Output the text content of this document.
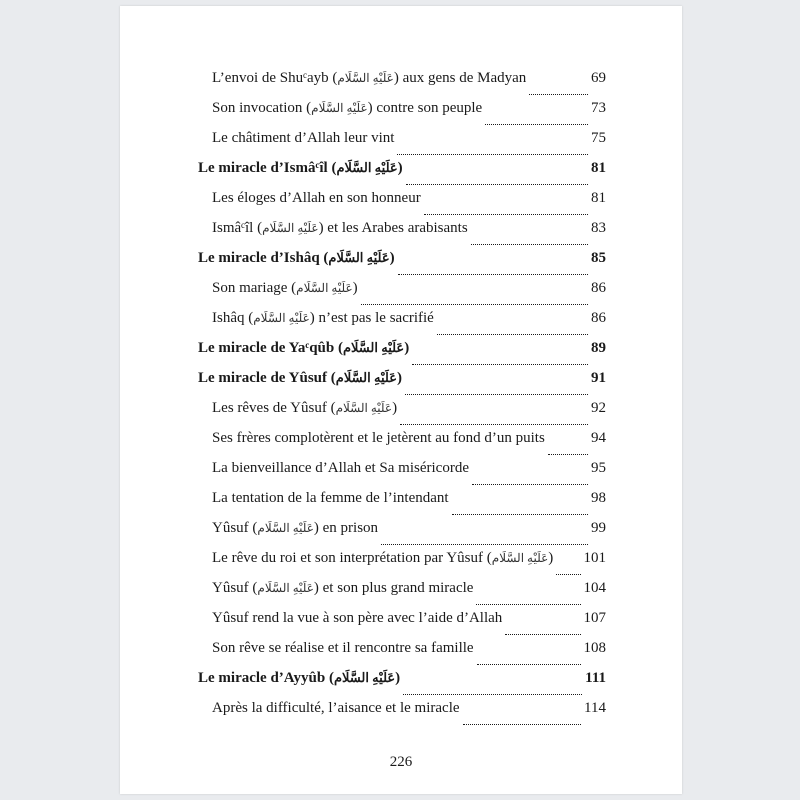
L’envoi de Shuᶜayb (عَلَيْهِ السَّلَام) aux gens de Madyan	69
Son invocation (عَلَيْهِ السَّلَام) contre son peuple	73
Le châtiment d’Allah leur vint	75
Le miracle d’Ismâᶜîl (عَلَيْهِ السَّلَام)	81
Les éloges d’Allah en son honneur	81
Ismâᶜîl (عَلَيْهِ السَّلَام) et les Arabes arabisants	83
Le miracle d’Ishâq (عَلَيْهِ السَّلَام)	85
Son mariage (عَلَيْهِ السَّلَام)	86
Ishâq (عَلَيْهِ السَّلَام) n’est pas le sacrifié	86
Le miracle de Yaᶜqûb (عَلَيْهِ السَّلَام)	89
Le miracle de Yûsuf (عَلَيْهِ السَّلَام)	91
Les rêves de Yûsuf (عَلَيْهِ السَّلَام)	92
Ses frères complotèrent et le jetèrent au fond d’un puits	94
La bienveillance d’Allah et Sa miséricorde	95
La tentation de la femme de l’intendant	98
Yûsuf (عَلَيْهِ السَّلَام) en prison	99
Le rêve du roi et son interprétation par Yûsuf (عَلَيْهِ السَّلَام) 101
Yûsuf (عَلَيْهِ السَّلَام) et son plus grand miracle	104
Yûsuf rend la vue à son père avec l’aide d’Allah	107
Son rêve se réalise et il rencontre sa famille	108
Le miracle d’Ayyûb (عَلَيْهِ السَّلَام)	111
Après la difficulté, l’aisance et le miracle	114
226
